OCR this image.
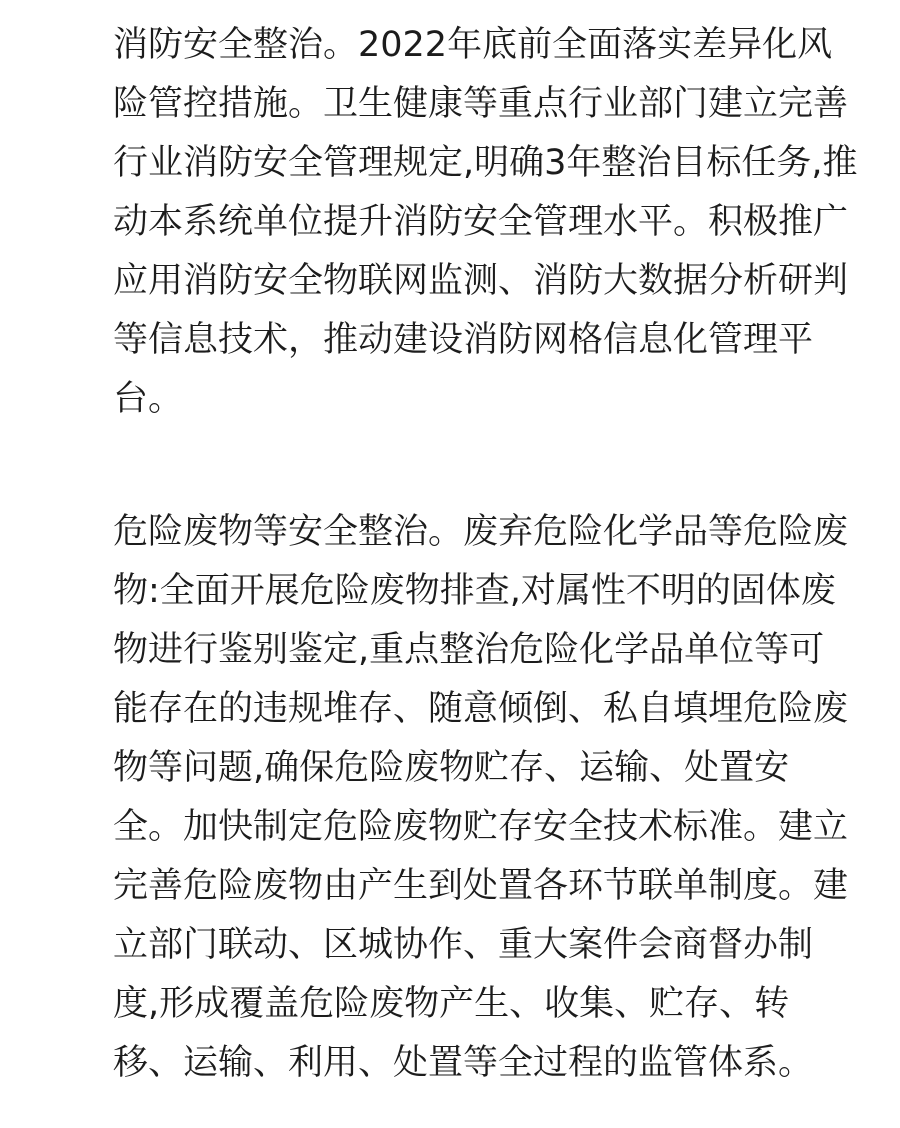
消防安全整治。2022年底前全面落实差异化风
险管控措施。卫生健康等重点行业部门建立完善
行业消防安全管理规定,明确3年整治目标任务,推
动本系统单位提升消防安全管理水平。积极推广
应用消防安全物联网监测、消防大数据分析研判
等信息技术，推动建设消防网格信息化管理平
台。

危险废物等安全整治。废弃危险化学品等危险废
物:全面开展危险废物排查,对属性不明的固体废
物进行鉴别鉴定,重点整治危险化学品单位等可
能存在的违规堆存、随意倾倒、私自填埋危险废
物等问题,确保危险废物贮存、运输、处置安
全。加快制定危险废物贮存安全技术标准。建立
完善危险废物由产生到处置各环节联单制度。建
立部门联动、区城协作、重大案件会商督办制
度,形成覆盖危险废物产生、收集、贮存、转
移、运输、利用、处置等全过程的监管体系。
